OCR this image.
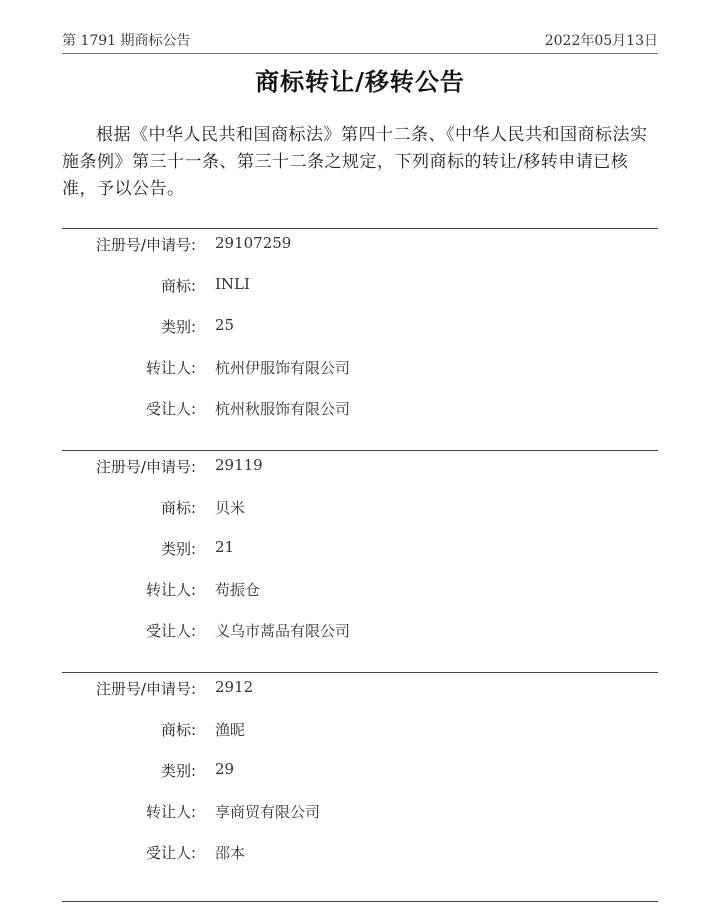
第 1791 期商标公告	2022年05月13日
商标转让/移转公告
根据《中华人民共和国商标法》第四十二条、《中华人民共和国商标法实施条例》第三十一条、第三十二条之规定，下列商标的转让/移转申请已核准，予以公告。
注册号/申请号: 29107259
商标: INLI
类别: 25
转让人: 杭州伊服饰有限公司
受让人: 杭州秋服饰有限公司
注册号/申请号: 29119
商标: 贝米
类别: 21
转让人: 苟振仓
受让人: 义乌市蒿品有限公司
注册号/申请号: 2912
商标: 渔昵
类别: 29
转让人: 享商贸有限公司
受让人: 邵本
